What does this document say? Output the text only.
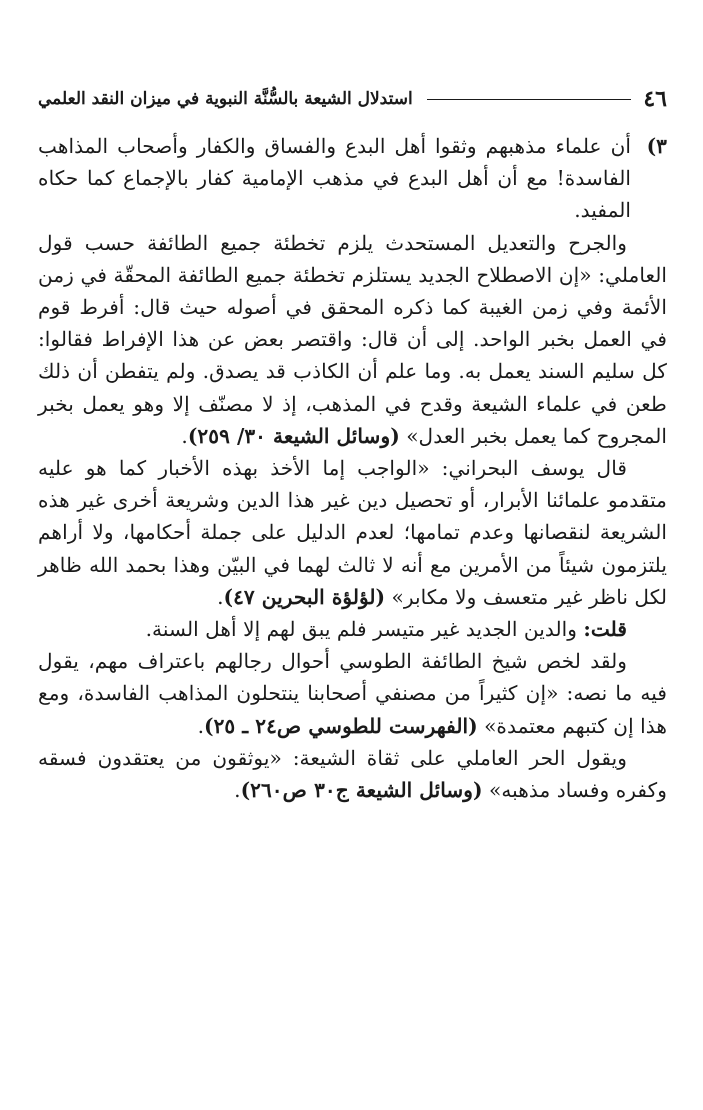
٤٦
استدلال الشيعة بالسُّنَّة النبوية في ميزان النقد العلمي
٣)

أن علماء مذهبهم وثقوا أهل البدع والفساق والكفار وأصحاب المذاهب الفاسدة! مع أن أهل البدع في مذهب الإمامية كفار بالإجماع كما حكاه المفيد.

والجرح والتعديل المستحدث يلزم تخطئة جميع الطائفة حسب قول العاملي: «إن الاصطلاح الجديد يستلزم تخطئة جميع الطائفة المحقّة في زمن الأئمة وفي زمن الغيبة كما ذكره المحقق في أصوله حيث قال: أفرط قوم في العمل بخبر الواحد. إلى أن قال: واقتصر بعض عن هذا الإفراط فقالوا: كل سليم السند يعمل به. وما علم أن الكاذب قد يصدق. ولم يتفطن أن ذلك طعن في علماء الشيعة وقدح في المذهب، إذ لا مصنّف إلا وهو يعمل بخبر المجروح كما يعمل بخبر العدل» (وسائل الشيعة ٣٠/ ٢٥٩).

قال يوسف البحراني: «الواجب إما الأخذ بهذه الأخبار كما هو عليه متقدمو علمائنا الأبرار، أو تحصيل دين غير هذا الدين وشريعة أخرى غير هذه الشريعة لنقصانها وعدم تمامها؛ لعدم الدليل على جملة أحكامها، ولا أراهم يلتزمون شيئاً من الأمرين مع أنه لا ثالث لهما في البيّن وهذا بحمد الله ظاهر لكل ناظر غير متعسف ولا مكابر» (لؤلؤة البحرين ٤٧).

قلت: والدين الجديد غير متيسر فلم يبق لهم إلا أهل السنة.

ولقد لخص شيخ الطائفة الطوسي أحوال رجالهم باعتراف مهم، يقول فيه ما نصه: «إن كثيراً من مصنفي أصحابنا ينتحلون المذاهب الفاسدة، ومع هذا إن كتبهم معتمدة» (الفهرست للطوسي ص٢٤ ـ ٢٥).

ويقول الحر العاملي على ثقاة الشيعة: «يوثقون من يعتقدون فسقه وكفره وفساد مذهبه» (وسائل الشيعة ج٣٠ ص٢٦٠).
